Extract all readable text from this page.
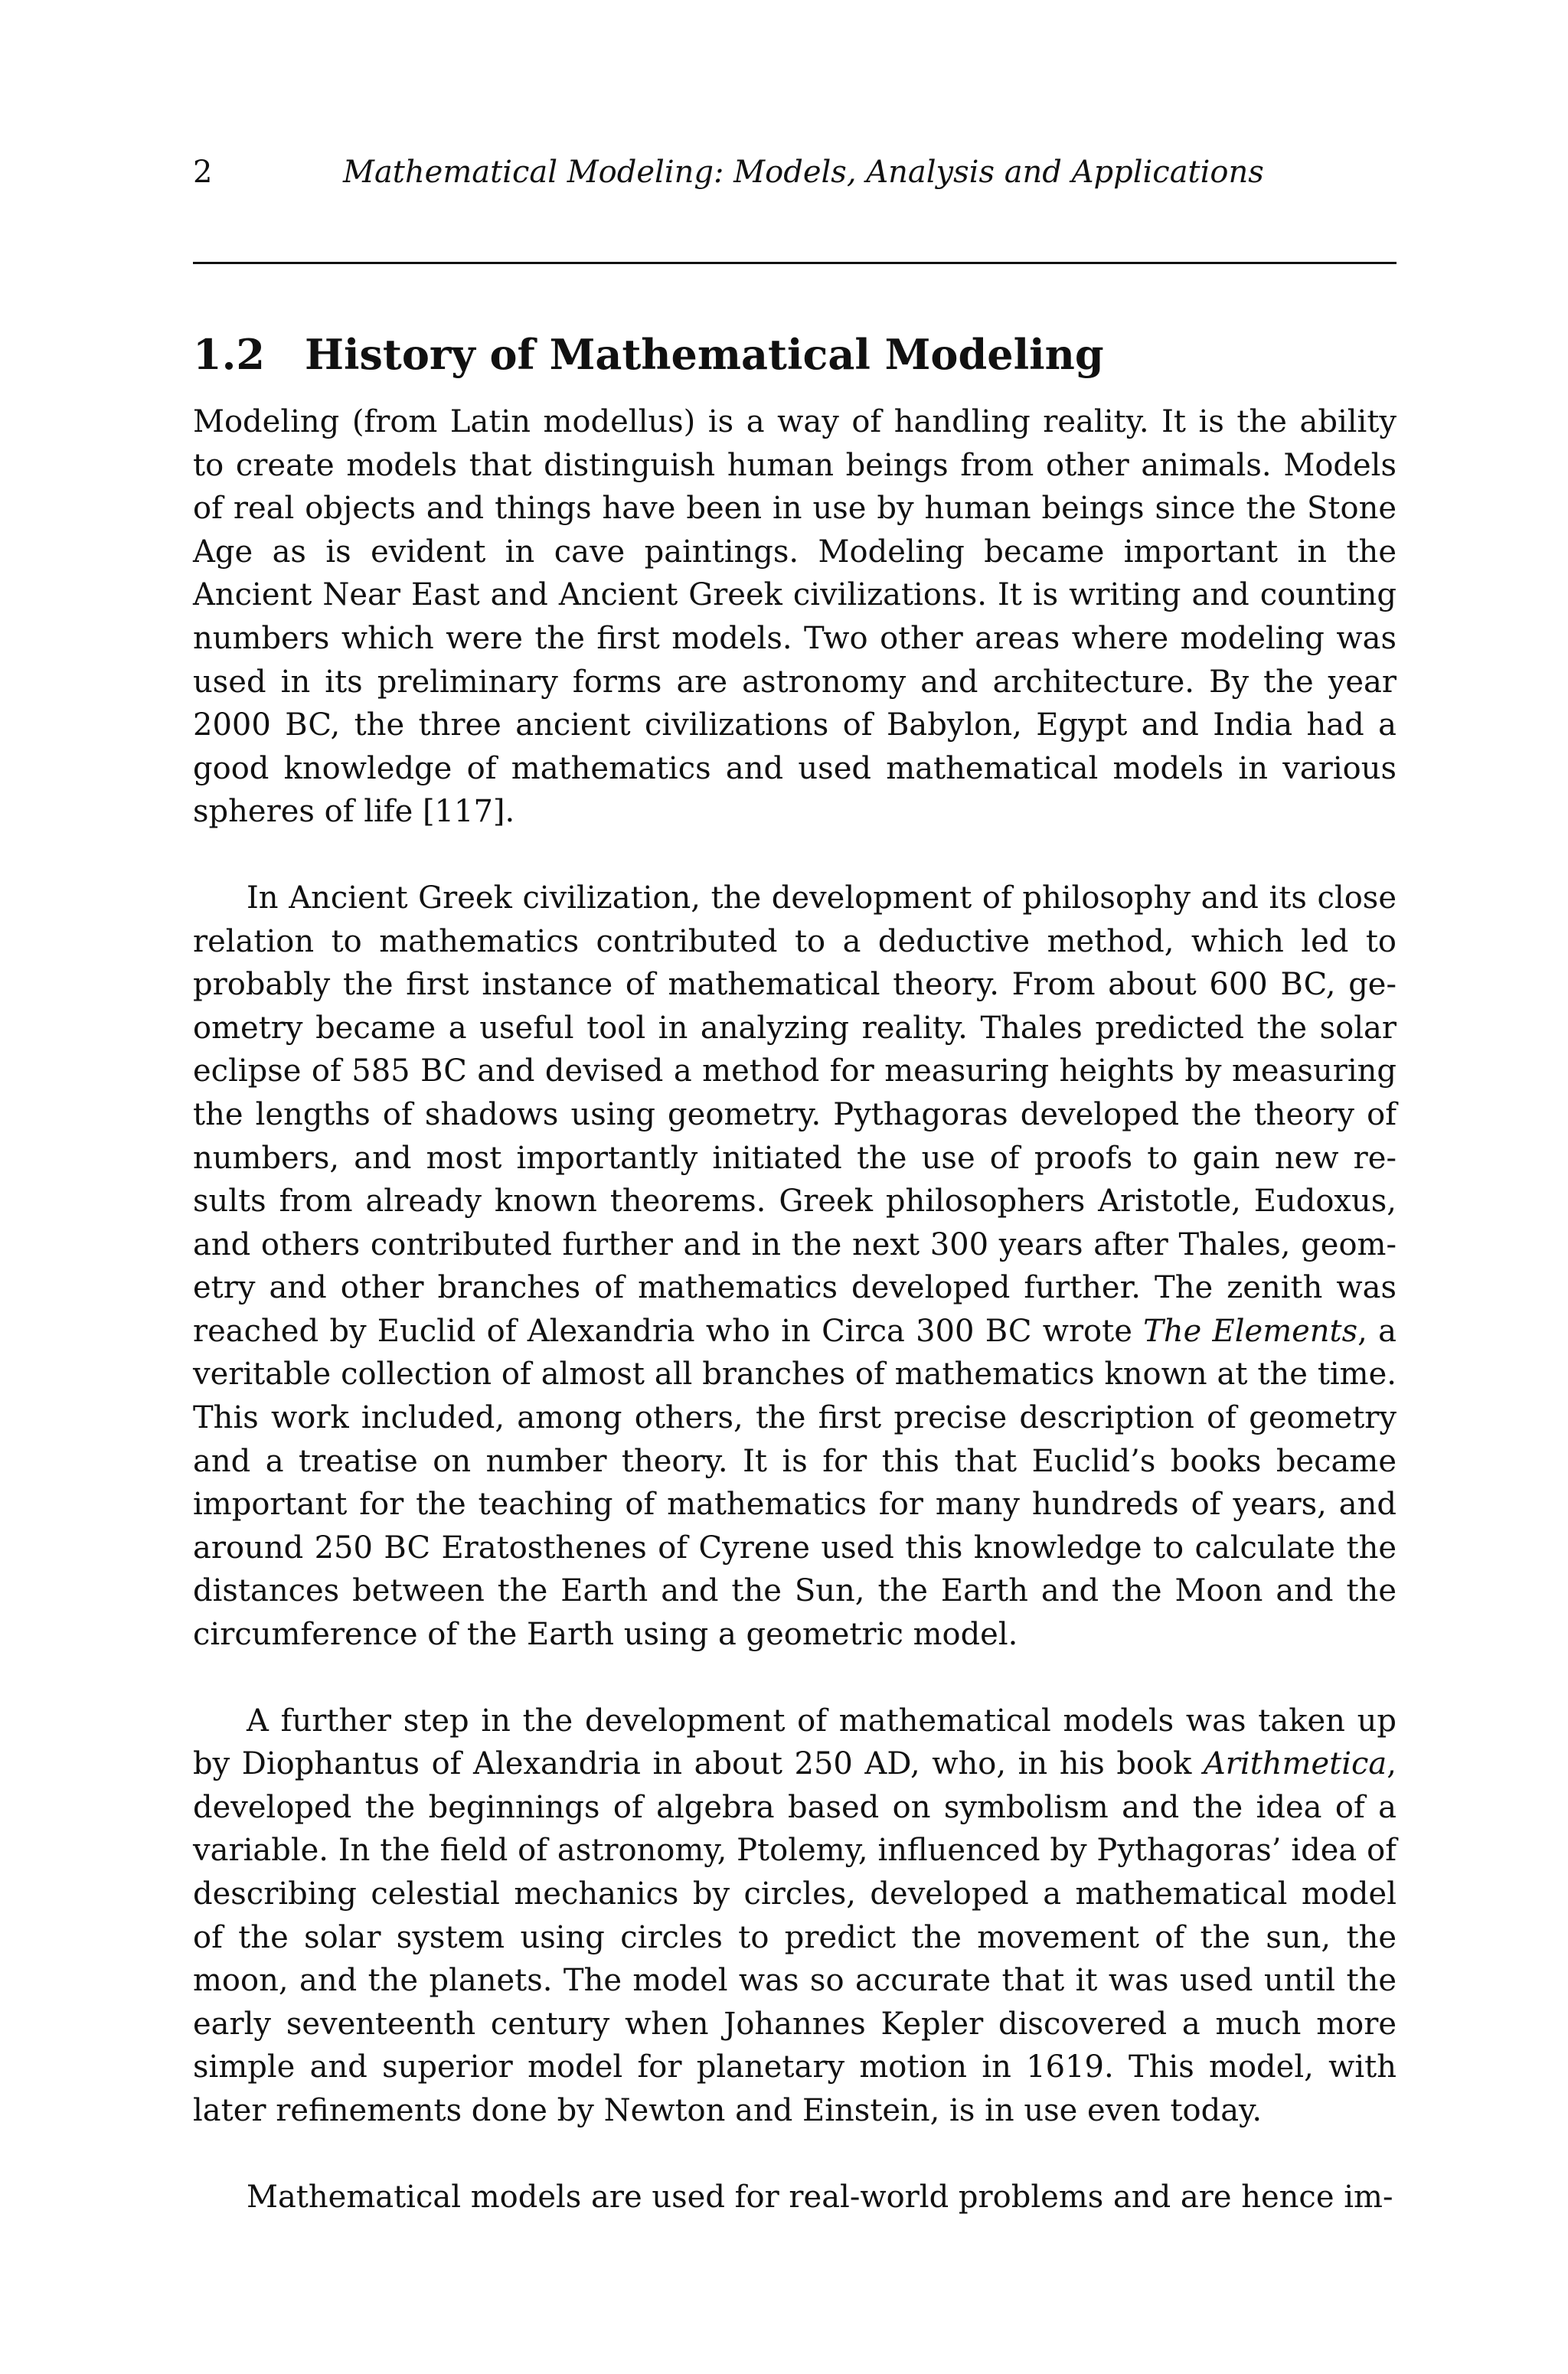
2	Mathematical Modeling: Models, Analysis and Applications
1.2 History of Mathematical Modeling

Modeling (from Latin modellus) is a way of handling reality. It is the ability to create models that distinguish human beings from other animals. Models of real objects and things have been in use by human beings since the Stone Age as is evident in cave paintings. Modeling became important in the Ancient Near East and Ancient Greek civilizations. It is writing and counting numbers which were the first models. Two other areas where modeling was used in its preliminary forms are astronomy and architecture. By the year 2000 BC, the three ancient civilizations of Babylon, Egypt and India had a good knowledge of mathematics and used mathematical models in various spheres of life [117].

In Ancient Greek civilization, the development of philosophy and its close relation to mathematics contributed to a deductive method, which led to probably the first instance of mathematical theory. From about 600 BC, geometry became a useful tool in analyzing reality. Thales predicted the solar eclipse of 585 BC and devised a method for measuring heights by measuring the lengths of shadows using geometry. Pythagoras developed the theory of numbers, and most importantly initiated the use of proofs to gain new results from already known theorems. Greek philosophers Aristotle, Eudoxus, and others contributed further and in the next 300 years after Thales, geometry and other branches of mathematics developed further. The zenith was reached by Euclid of Alexandria who in Circa 300 BC wrote The Elements, a veritable collection of almost all branches of mathematics known at the time. This work included, among others, the first precise description of geometry and a treatise on number theory. It is for this that Euclid’s books became important for the teaching of mathematics for many hundreds of years, and around 250 BC Eratosthenes of Cyrene used this knowledge to calculate the distances between the Earth and the Sun, the Earth and the Moon and the circumference of the Earth using a geometric model.

A further step in the development of mathematical models was taken up by Diophantus of Alexandria in about 250 AD, who, in his book Arithmetica, developed the beginnings of algebra based on symbolism and the idea of a variable. In the field of astronomy, Ptolemy, influenced by Pythagoras’ idea of describing celestial mechanics by circles, developed a mathematical model of the solar system using circles to predict the movement of the sun, the moon, and the planets. The model was so accurate that it was used until the early seventeenth century when Johannes Kepler discovered a much more simple and superior model for planetary motion in 1619. This model, with later refinements done by Newton and Einstein, is in use even today.

Mathematical models are used for real-world problems and are hence im-
